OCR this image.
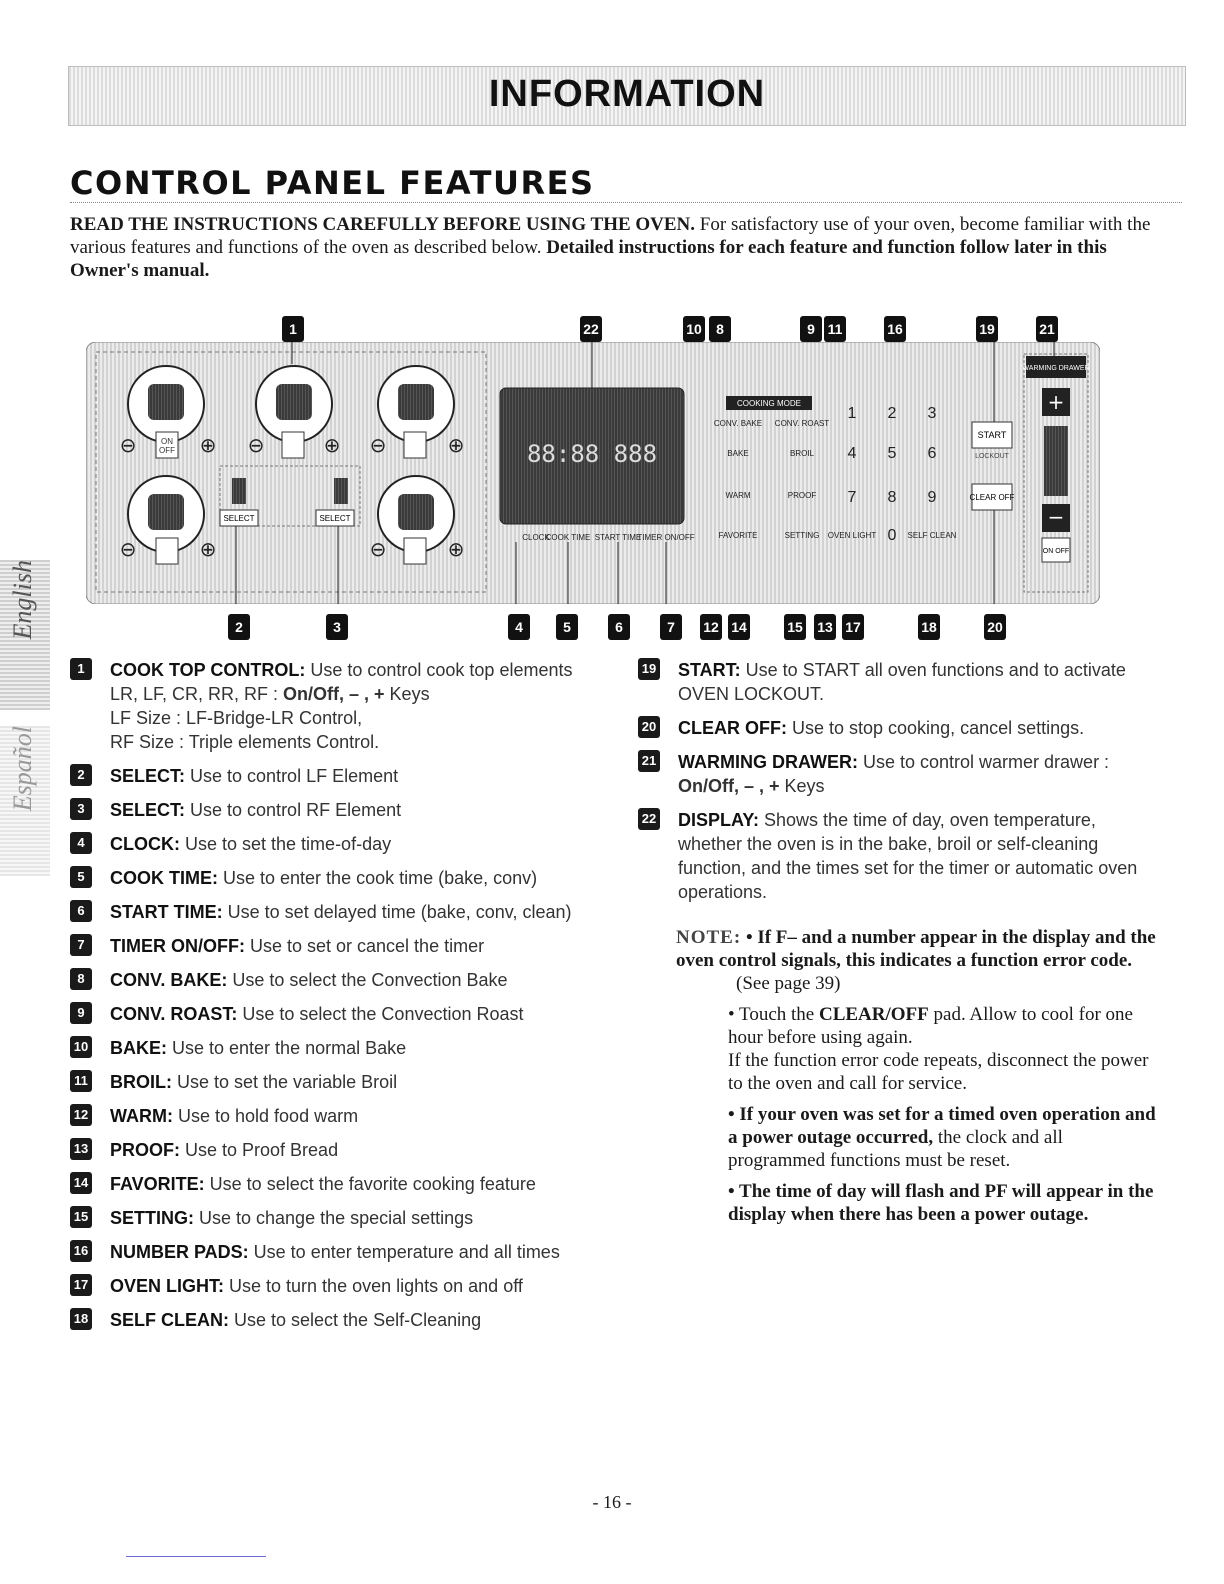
INFORMATION
CONTROL PANEL FEATURES
READ THE INSTRUCTIONS CAREFULLY BEFORE USING THE OVEN. For satisfactory use of your oven, become familiar with the various features and functions of the oven as described below. Detailed instructions for each feature and function follow later in this Owner's manual.
English
Español
1	22	10	8	9 11	16	19	21
ON
OFF
⊖	⊕ ⊖	⊕ ⊖	⊕
⊖	⊕	⊖	⊕
SELECT	SELECT
88:88 888
CLOCK
COOK TIME START TIME
TIMER ON/OFF
COOKING MODE
CONV. BAKE CONV. ROAST
BAKE	BROIL
WARM	PROOF
FAVORITE	SETTING
1 2 3
4 5 6
7 8 9
0
OVEN LIGHT	SELF CLEAN
START
LOCKOUT
CLEAR OFF
WARMING DRAWER
+
−
ON OFF
2	3	4	5	6	7	12 14	15 13 17	18	20
1	COOK TOP CONTROL: Use to control cook top elements
LR, LF, CR, RR, RF : On/Off, – , + Keys
LF Size : LF-Bridge-LR Control,
RF Size : Triple elements Control.
2	SELECT: Use to control LF Element
3	SELECT: Use to control RF Element
4	CLOCK: Use to set the time-of-day
5	COOK TIME: Use to enter the cook time (bake, conv)
6	START TIME: Use to set delayed time (bake, conv, clean)
7	TIMER ON/OFF: Use to set or cancel the timer
8	CONV. BAKE: Use to select the Convection Bake
9	CONV. ROAST: Use to select the Convection Roast
10 BAKE: Use to enter the normal Bake
11 BROIL: Use to set the variable Broil
12 WARM: Use to hold food warm
13 PROOF: Use to Proof Bread
14 FAVORITE: Use to select the favorite cooking feature
15 SETTING: Use to change the special settings
16 NUMBER PADS: Use to enter temperature and all times
17 OVEN LIGHT: Use to turn the oven lights on and off
18 SELF CLEAN: Use to select the Self-Cleaning
19 START: Use to START all oven functions and to activate OVEN LOCKOUT.
20 CLEAR OFF: Use to stop cooking, cancel settings.
21 WARMING DRAWER: Use to control warmer drawer : On/Off, – , + Keys
22 DISPLAY: Shows the time of day, oven temperature, whether the oven is in the bake, broil or self-cleaning function, and the times set for the timer or automatic oven operations.

NOTE: • If F– and a number appear in the display and the oven control signals, this indicates a function error code.

(See page 39)

• Touch the CLEAR/OFF pad. Allow to cool for one hour before using again.

If the function error code repeats, disconnect the power to the oven and call for service.

• If your oven was set for a timed oven operation and a power outage occurred, the clock and all programmed functions must be reset.

• The time of day will flash and PF will appear in the display when there has been a power outage.

- 16 -
